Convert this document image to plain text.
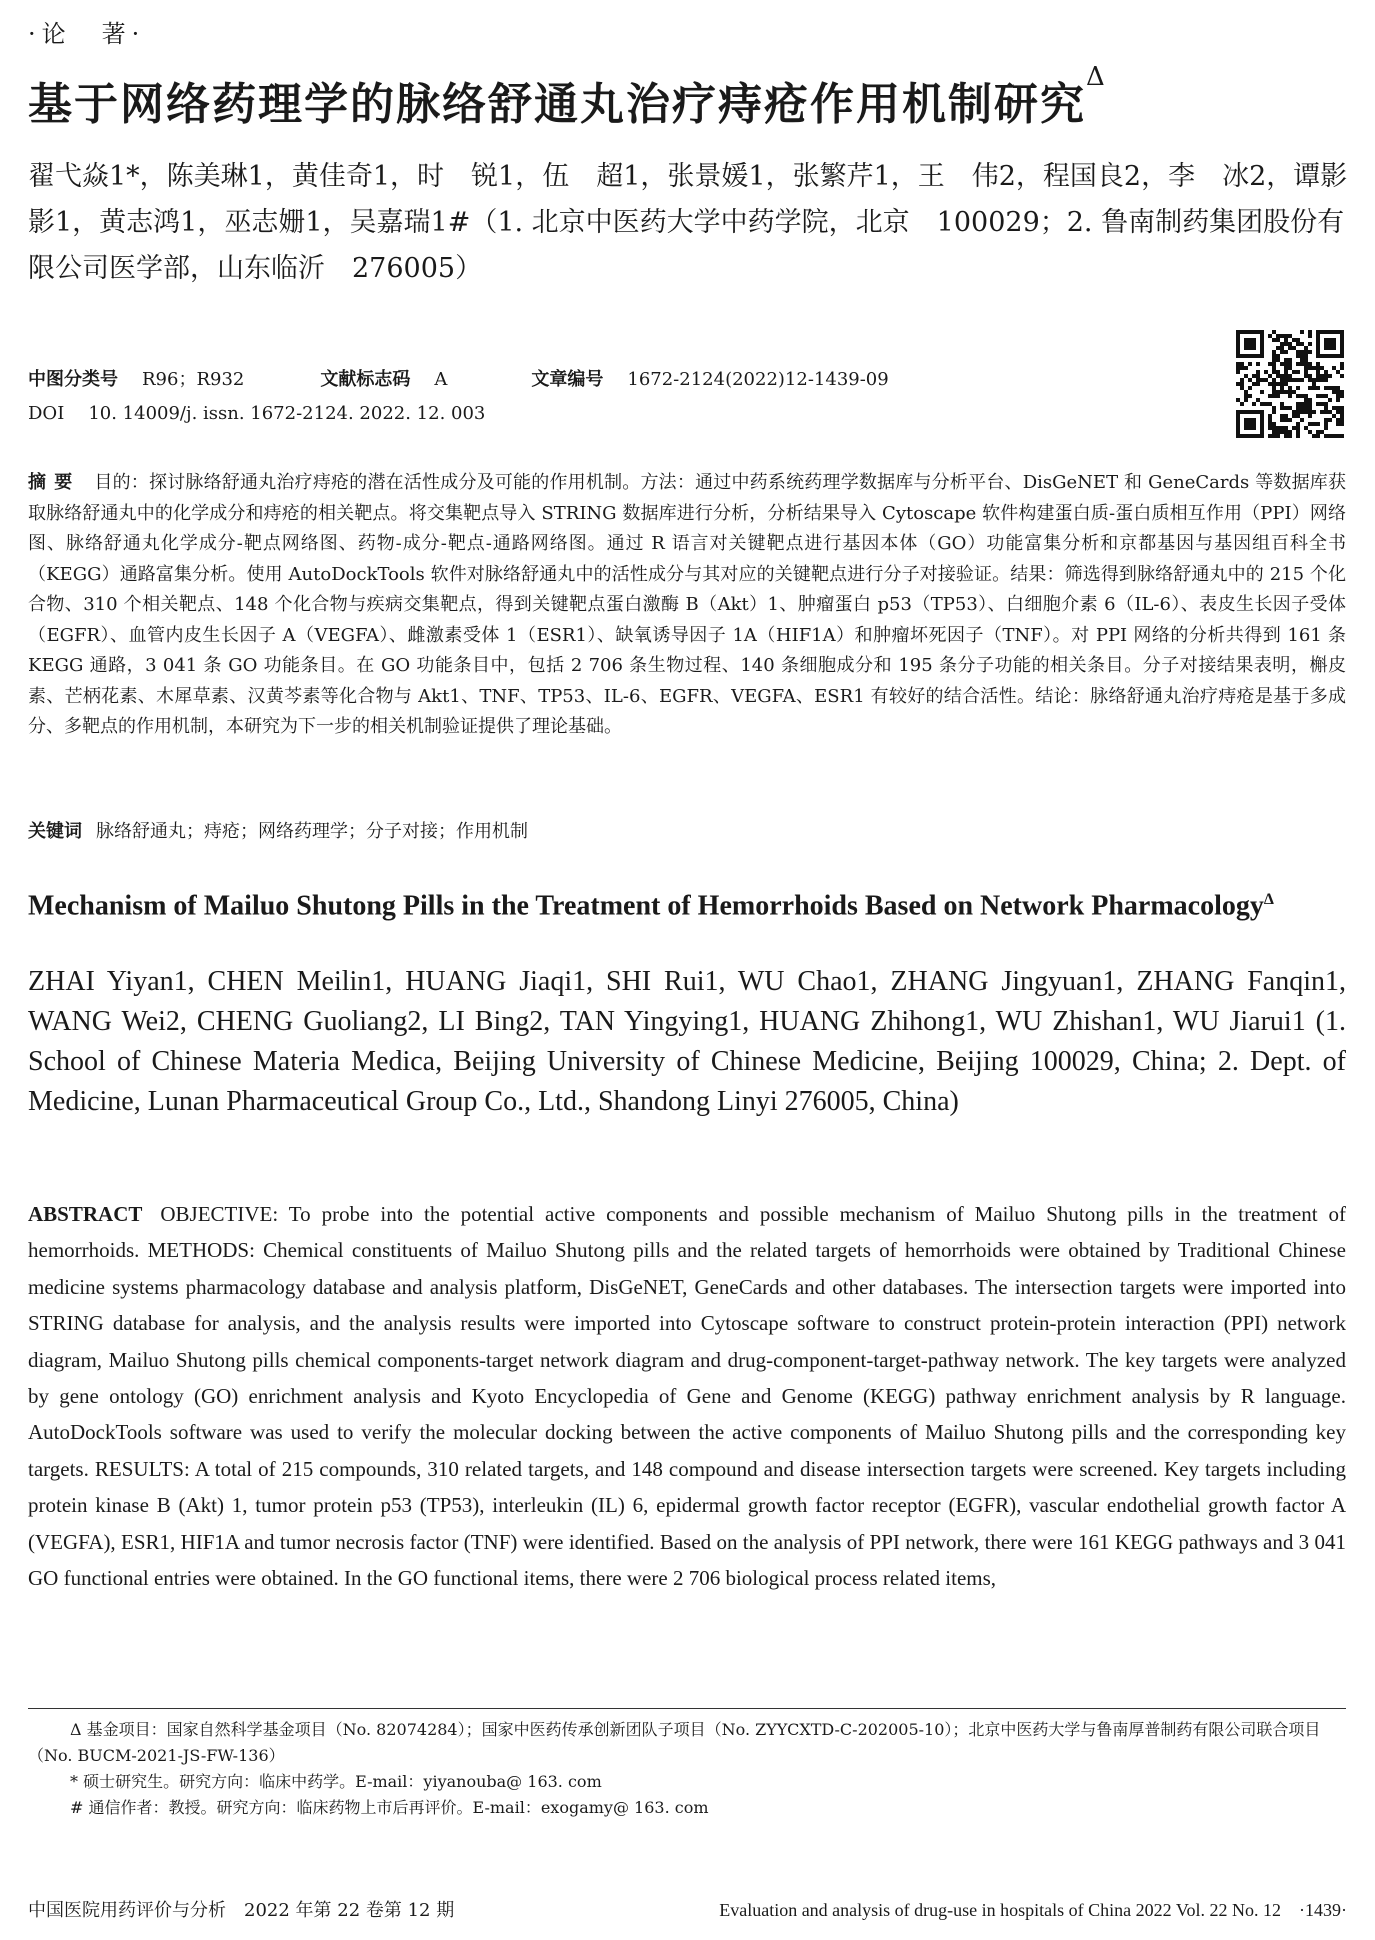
·论　著·
基于网络药理学的脉络舒通丸治疗痔疮作用机制研究$^\Delta$
翟弋焱1*，陈美琳1，黄佳奇1，时　锐1，伍　超1，张景媛1，张繁芹1，王　伟2，程国良2，李　冰2，谭影影1，黄志鸿1，巫志姗1，吴嘉瑞1#（1. 北京中医药大学中药学院，北京　100029；2. 鲁南制药集团股份有限公司医学部，山东临沂　276005）
中图分类号 R96；R932	文献标志码 A	文章编号 1672-2124(2022)12-1439-09
DOI 10. 14009/j. issn. 1672-2124. 2022. 12. 003
摘要 目的：探讨脉络舒通丸治疗痔疮的潜在活性成分及可能的作用机制。方法：通过中药系统药理学数据库与分析平台、DisGeNET 和 GeneCards 等数据库获取脉络舒通丸中的化学成分和痔疮的相关靶点。将交集靶点导入 STRING 数据库进行分析，分析结果导入 Cytoscape 软件构建蛋白质-蛋白质相互作用（PPI）网络图、脉络舒通丸化学成分-靶点网络图、药物-成分-靶点-通路网络图。通过 R 语言对关键靶点进行基因本体（GO）功能富集分析和京都基因与基因组百科全书（KEGG）通路富集分析。使用 AutoDockTools 软件对脉络舒通丸中的活性成分与其对应的关键靶点进行分子对接验证。结果：筛选得到脉络舒通丸中的 215 个化合物、310 个相关靶点、148 个化合物与疾病交集靶点，得到关键靶点蛋白激酶 B（Akt）1、肿瘤蛋白 p53（TP53）、白细胞介素 6（IL-6）、表皮生长因子受体（EGFR）、血管内皮生长因子 A（VEGFA）、雌激素受体 1（ESR1）、缺氧诱导因子 1A（HIF1A）和肿瘤坏死因子（TNF）。对 PPI 网络的分析共得到 161 条 KEGG 通路，3 041 条 GO 功能条目。在 GO 功能条目中，包括 2 706 条生物过程、140 条细胞成分和 195 条分子功能的相关条目。分子对接结果表明，槲皮素、芒柄花素、木犀草素、汉黄芩素等化合物与 Akt1、TNF、TP53、IL-6、EGFR、VEGFA、ESR1 有较好的结合活性。结论：脉络舒通丸治疗痔疮是基于多成分、多靶点的作用机制，本研究为下一步的相关机制验证提供了理论基础。
关键词 脉络舒通丸；痔疮；网络药理学；分子对接；作用机制
Mechanism of Mailuo Shutong Pills in the Treatment of Hemorrhoids Based on Network Pharmacology$^\Delta$
ZHAI Yiyan1, CHEN Meilin1, HUANG Jiaqi1, SHI Rui1, WU Chao1, ZHANG Jingyuan1, ZHANG Fanqin1, WANG Wei2, CHENG Guoliang2, LI Bing2, TAN Yingying1, HUANG Zhihong1, WU Zhishan1, WU Jiarui1 (1. School of Chinese Materia Medica, Beijing University of Chinese Medicine, Beijing 100029, China; 2. Dept. of Medicine, Lunan Pharmaceutical Group Co., Ltd., Shandong Linyi 276005, China)
ABSTRACT OBJECTIVE: To probe into the potential active components and possible mechanism of Mailuo Shutong pills in the treatment of hemorrhoids. METHODS: Chemical constituents of Mailuo Shutong pills and the related targets of hemorrhoids were obtained by Traditional Chinese medicine systems pharmacology database and analysis platform, DisGeNET, GeneCards and other databases. The intersection targets were imported into STRING database for analysis, and the analysis results were imported into Cytoscape software to construct protein-protein interaction (PPI) network diagram, Mailuo Shutong pills chemical components-target network diagram and drug-component-target-pathway network. The key targets were analyzed by gene ontology (GO) enrichment analysis and Kyoto Encyclopedia of Gene and Genome (KEGG) pathway enrichment analysis by R language. AutoDockTools software was used to verify the molecular docking between the active components of Mailuo Shutong pills and the corresponding key targets. RESULTS: A total of 215 compounds, 310 related targets, and 148 compound and disease intersection targets were screened. Key targets including protein kinase B (Akt) 1, tumor protein p53 (TP53), interleukin (IL) 6, epidermal growth factor receptor (EGFR), vascular endothelial growth factor A (VEGFA), ESR1, HIF1A and tumor necrosis factor (TNF) were identified. Based on the analysis of PPI network, there were 161 KEGG pathways and 3 041 GO functional entries were obtained. In the GO functional items, there were 2 706 biological process related items,
Δ 基金项目：国家自然科学基金项目（No. 82074284）；国家中医药传承创新团队子项目（No. ZYYCXTD-C-202005-10）；北京中医药大学与鲁南厚普制药有限公司联合项目（No. BUCM-2021-JS-FW-136）
* 硕士研究生。研究方向：临床中药学。E-mail：yiyanouba@ 163. com
# 通信作者：教授。研究方向：临床药物上市后再评价。E-mail：exogamy@ 163. com
中国医院用药评价与分析　2022 年第 22 卷第 12 期	Evaluation and analysis of drug-use in hospitals of China 2022 Vol. 22 No. 12　·1439·
